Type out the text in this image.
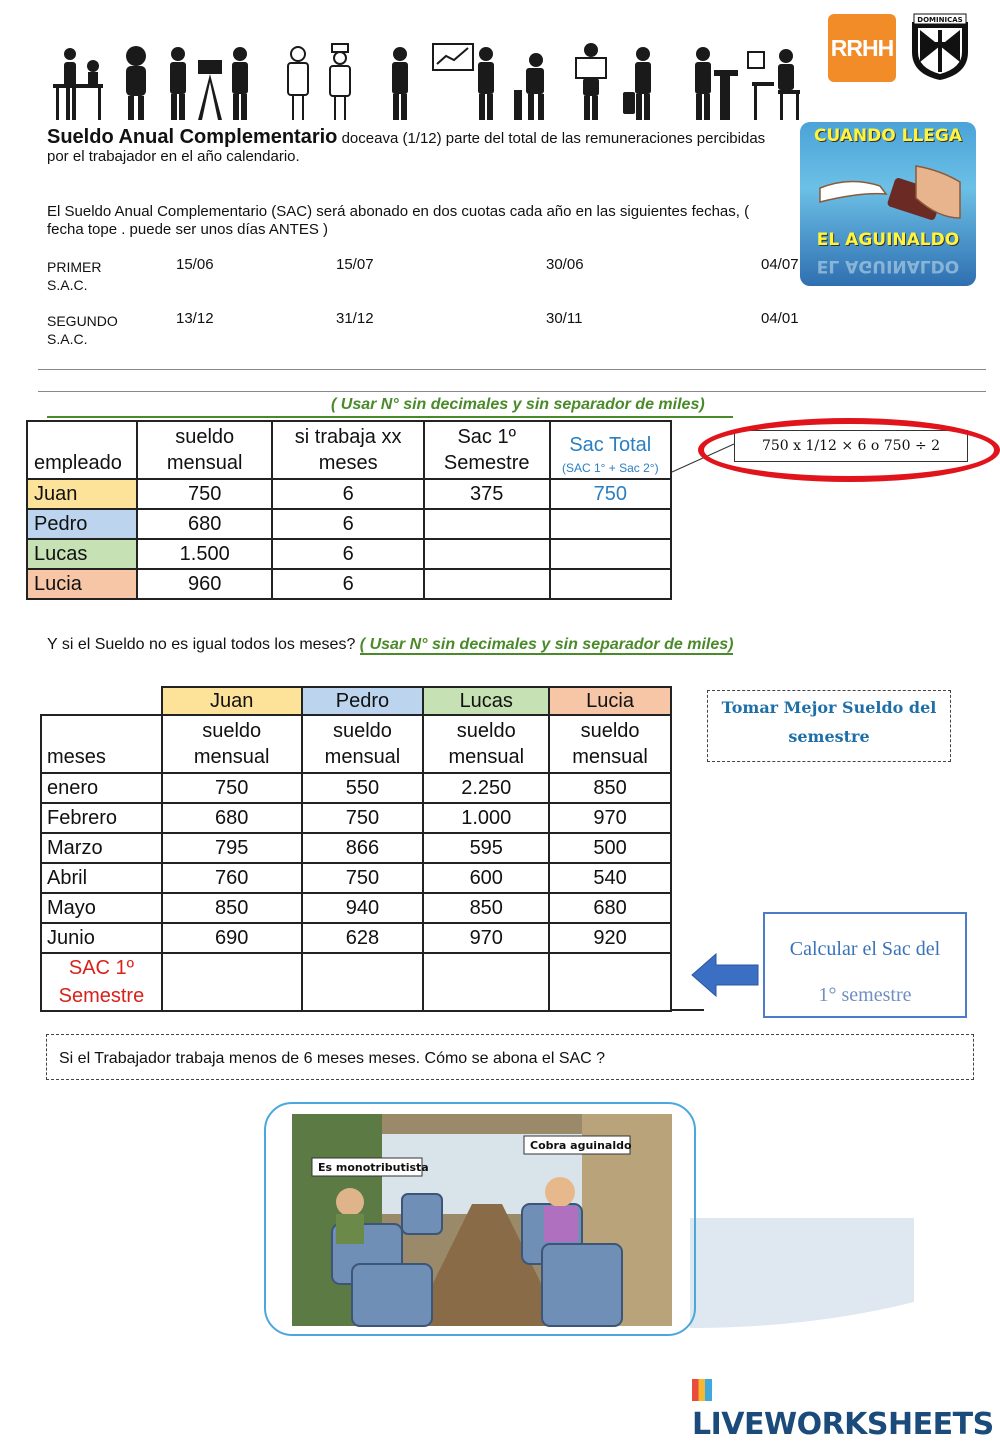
RRHH
DOMINICAS
CUANDO LLEGA
EL AGUINALDO
EL AGUINALDO
Sueldo Anual Complementario doceava (1/12) parte del total de las remuneraciones percibidas por el trabajador en el año calendario.
El Sueldo Anual Complementario (SAC) será abonado en dos cuotas cada año en las siguientes fechas, ( fecha tope . puede ser unos días ANTES )
PRIMER S.A.C.
15/06	15/07	30/06	04/07
SEGUNDO S.A.C.
13/12	31/12	30/11	04/01
( Usar N° sin decimales y sin separador de miles)
empleado	sueldo mensual	si trabaja xx meses	Sac 1º Semestre	Sac Total
(SAC 1° + Sac 2°)

Juan	750	6	375	750
Pedro	680	6		
Lucas	1.500	6		
Lucia	960	6		
750 x 1/12 × 6 o 750 ÷ 2
Y si el Sueldo no es igual todos los meses? ( Usar N° sin decimales y sin separador de miles)
	Juan	Pedro	Lucas	Lucia
meses	sueldo mensual	sueldo mensual	sueldo mensual	sueldo mensual
enero	750	550	2.250	850
Febrero	680	750	1.000	970
Marzo	795	866	595	500
Abril	760	750	600	540
Mayo	850	940	850	680
Junio	690	628	970	920
SAC 1º Semestre				
Tomar Mejor Sueldo del semestre
Calcular el Sac del
1° semestre
Si el Trabajador trabaja menos de 6 meses meses. Cómo se abona el SAC ?
Es monotributista
Cobra aguinaldo
LIVEWORKSHEETS
